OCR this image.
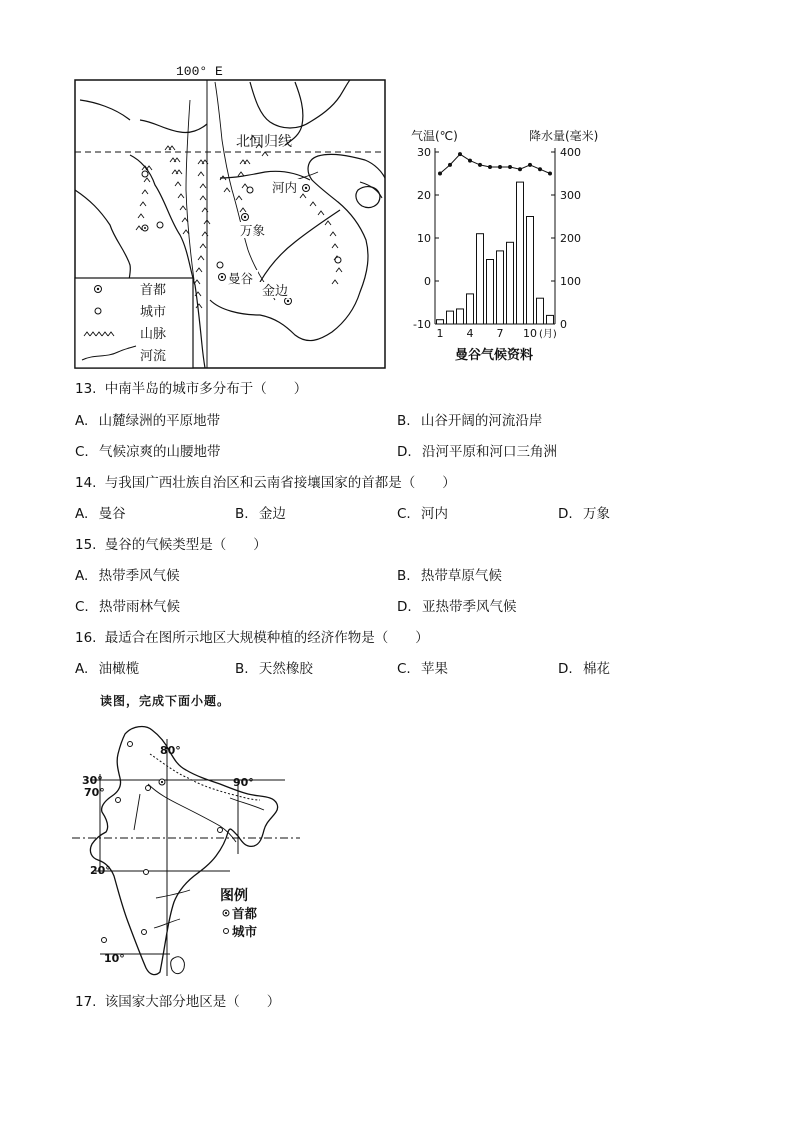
100° E
北回归线
河内
万象
曼谷
金边
首都
城市
山脉
河流
气温(℃)	降水量(毫米)
30
20
10
0
-10
400
300
200
100
0
1 4 7 10 (月)
曼谷气候资料
13. 中南半岛的城市多分布于（　　）
A. 山麓绿洲的平原地带	B. 山谷开阔的河流沿岸
C. 气候凉爽的山腰地带	D. 沿河平原和河口三角洲
14. 与我国广西壮族自治区和云南省接壤国家的首都是（　　）
A. 曼谷	B. 金边	C. 河内	D. 万象
15. 曼谷的气候类型是（　　）
A. 热带季风气候	B. 热带草原气候
C. 热带雨林气候	D. 亚热带季风气候
16. 最适合在图所示地区大规模种植的经济作物是（　　）
A. 油橄榄	B. 天然橡胶	C. 苹果	D. 棉花
读图，完成下面小题。
80°
90°
30°
70°
20°
10°
图例
首都
城市
17. 该国家大部分地区是（　　）
